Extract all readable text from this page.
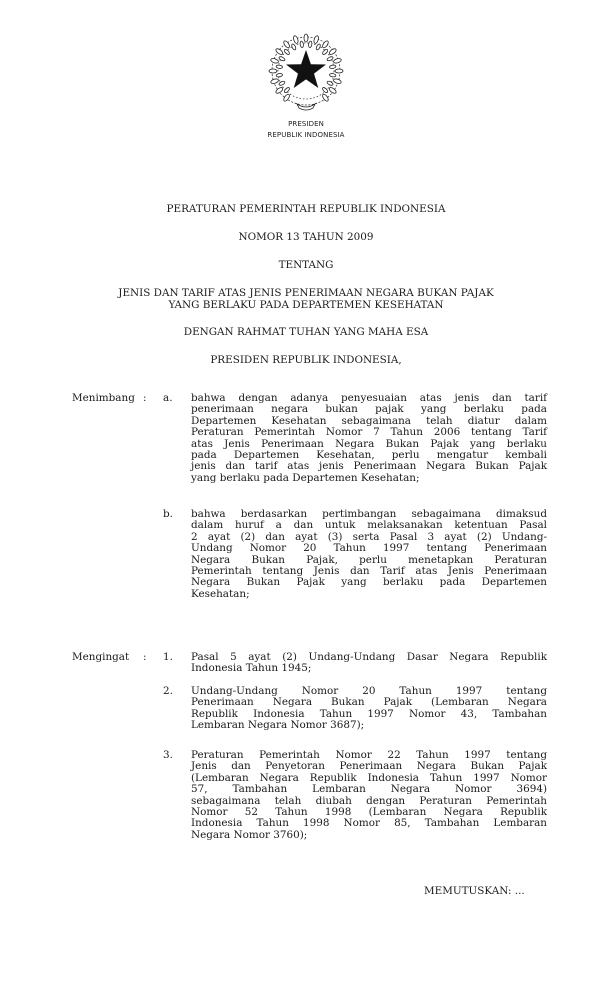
PRESIDEN
REPUBLIK INDONESIA
PERATURAN PEMERINTAH REPUBLIK INDONESIA
NOMOR 13 TAHUN 2009
TENTANG
JENIS DAN TARIF ATAS JENIS PENERIMAAN NEGARA BUKAN PAJAK
YANG BERLAKU PADA DEPARTEMEN KESEHATAN
DENGAN RAHMAT TUHAN YANG MAHA ESA
PRESIDEN REPUBLIK INDONESIA,
Menimbang : a. bahwa dengan adanya penyesuaian atas jenis dan tarif
penerimaan negara bukan pajak yang berlaku pada
Departemen Kesehatan sebagaimana telah diatur dalam
Peraturan Pemerintah Nomor 7 Tahun 2006 tentang Tarif
atas Jenis Penerimaan Negara Bukan Pajak yang berlaku
pada Departemen Kesehatan, perlu mengatur kembali
jenis dan tarif atas jenis Penerimaan Negara Bukan Pajak
yang berlaku pada Departemen Kesehatan;
b. bahwa berdasarkan pertimbangan sebagaimana dimaksud
dalam huruf a dan untuk melaksanakan ketentuan Pasal
2 ayat (2) dan ayat (3) serta Pasal 3 ayat (2) Undang-
Undang Nomor 20 Tahun 1997 tentang Penerimaan
Negara Bukan Pajak, perlu menetapkan Peraturan
Pemerintah tentang Jenis dan Tarif atas Jenis Penerimaan
Negara Bukan Pajak yang berlaku pada Departemen
Kesehatan;
Mengingat	: 1. Pasal 5 ayat (2) Undang-Undang Dasar Negara Republik
Indonesia Tahun 1945;
2. Undang-Undang Nomor 20 Tahun 1997 tentang
Penerimaan Negara Bukan Pajak (Lembaran Negara
Republik Indonesia Tahun 1997 Nomor 43, Tambahan
Lembaran Negara Nomor 3687);
3. Peraturan Pemerintah Nomor 22 Tahun 1997 tentang
Jenis dan Penyetoran Penerimaan Negara Bukan Pajak
(Lembaran Negara Republik Indonesia Tahun 1997 Nomor
57, Tambahan Lembaran Negara Nomor 3694)
sebagaimana telah diubah dengan Peraturan Pemerintah
Nomor 52 Tahun 1998 (Lembaran Negara Republik
Indonesia Tahun 1998 Nomor 85, Tambahan Lembaran
Negara Nomor 3760);
MEMUTUSKAN: ...
